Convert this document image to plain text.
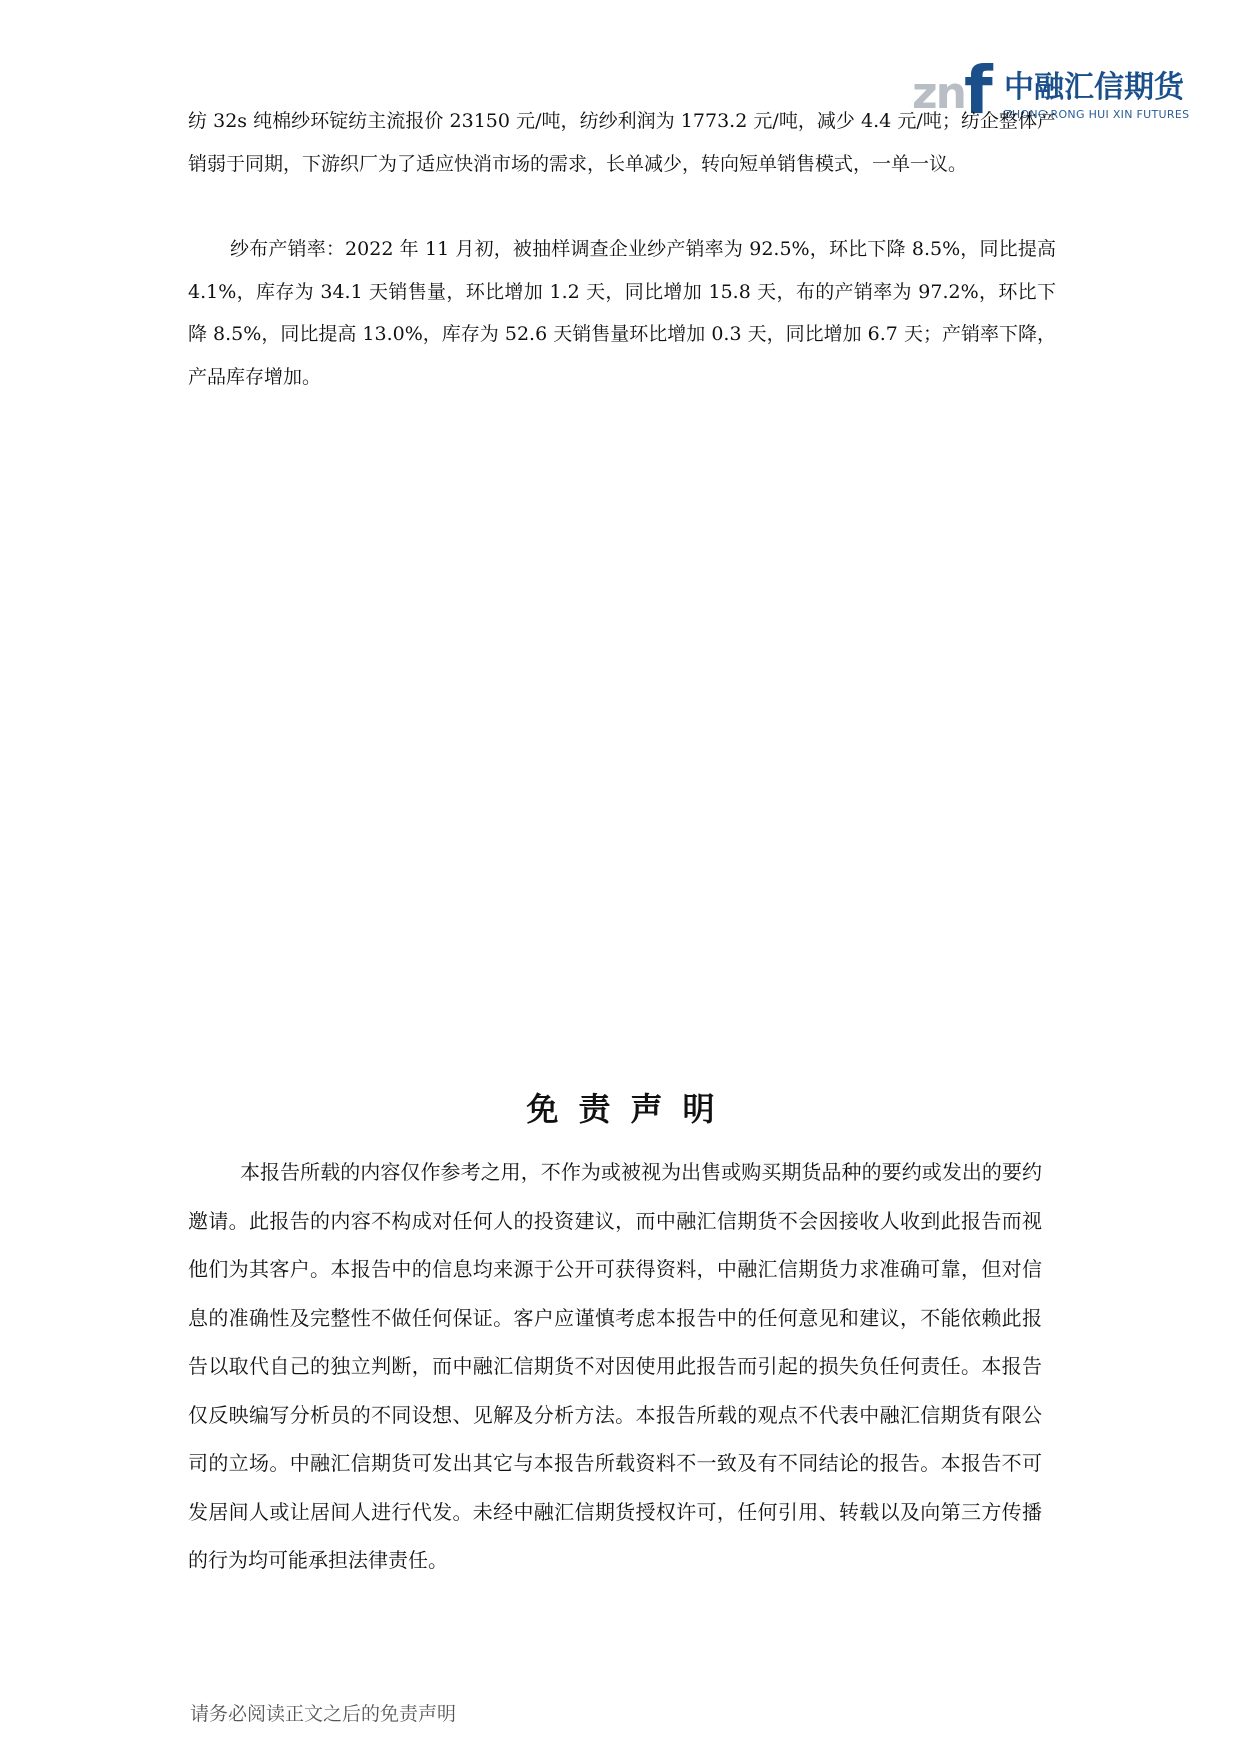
zn f 中融汇信期货
ZHONG RONG HUI XIN FUTURES

纺 32s 纯棉纱环锭纺主流报价 23150 元/吨，纺纱利润为 1773.2 元/吨，减少 4.4 元/吨；纺企整体产销弱于同期，下游织厂为了适应快消市场的需求，长单减少，转向短单销售模式，一单一议。

纱布产销率：2022 年 11 月初，被抽样调查企业纱产销率为 92.5%，环比下降 8.5%，同比提高 4.1%，库存为 34.1 天销售量，环比增加 1.2 天，同比增加 15.8 天，布的产销率为 97.2%，环比下降 8.5%，同比提高 13.0%，库存为 52.6 天销售量环比增加 0.3 天，同比增加 6.7 天；产销率下降，产品库存增加。

免责声明

本报告所载的内容仅作参考之用，不作为或被视为出售或购买期货品种的要约或发出的要约邀请。此报告的内容不构成对任何人的投资建议，而中融汇信期货不会因接收人收到此报告而视他们为其客户。本报告中的信息均来源于公开可获得资料，中融汇信期货力求准确可靠，但对信息的准确性及完整性不做任何保证。客户应谨慎考虑本报告中的任何意见和建议，不能依赖此报告以取代自己的独立判断，而中融汇信期货不对因使用此报告而引起的损失负任何责任。本报告仅反映编写分析员的不同设想、见解及分析方法。本报告所载的观点不代表中融汇信期货有限公司的立场。中融汇信期货可发出其它与本报告所载资料不一致及有不同结论的报告。本报告不可发居间人或让居间人进行代发。未经中融汇信期货授权许可，任何引用、转载以及向第三方传播的行为均可能承担法律责任。

请务必阅读正文之后的免责声明
